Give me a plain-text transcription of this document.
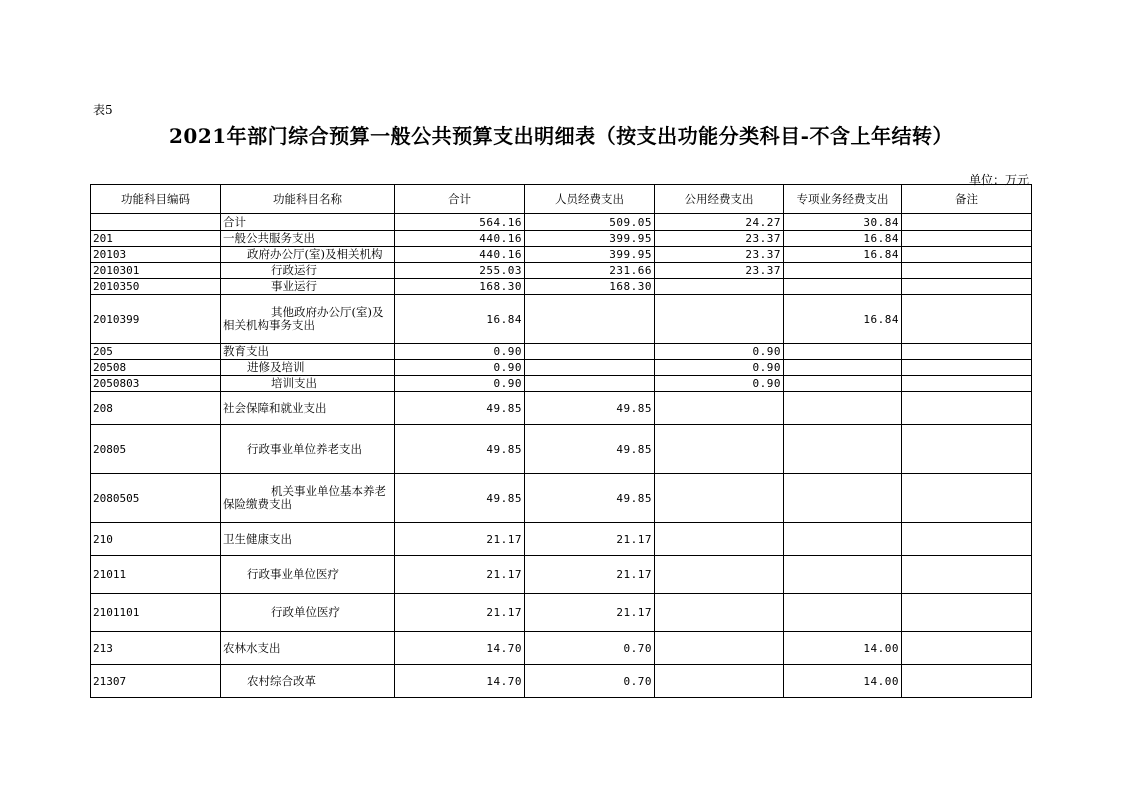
表5
2021年部门综合预算一般公共预算支出明细表（按支出功能分类科目-不含上年结转）
单位：万元
功能科目编码	功能科目名称	合计	人员经费支出	公用经费支出	专项业务经费支出	备注
	合计	564.16	509.05	24.27	30.84	
201	一般公共服务支出	440.16	399.95	23.37	16.84	
20103	政府办公厅(室)及相关机构	440.16	399.95	23.37	16.84	
2010301	行政运行	255.03	231.66	23.37		
2010350	事业运行	168.30	168.30			
2010399	其他政府办公厅(室)及相关机构事务支出	16.84			16.84	
205	教育支出	0.90		0.90		
20508	进修及培训	0.90		0.90		
2050803	培训支出	0.90		0.90		
208	社会保障和就业支出	49.85	49.85			
20805	行政事业单位养老支出	49.85	49.85			
2080505	机关事业单位基本养老保险缴费支出	49.85	49.85			
210	卫生健康支出	21.17	21.17			
21011	行政事业单位医疗	21.17	21.17			
2101101	行政单位医疗	21.17	21.17			
213	农林水支出	14.70	0.70		14.00	
21307	农村综合改革	14.70	0.70		14.00	
